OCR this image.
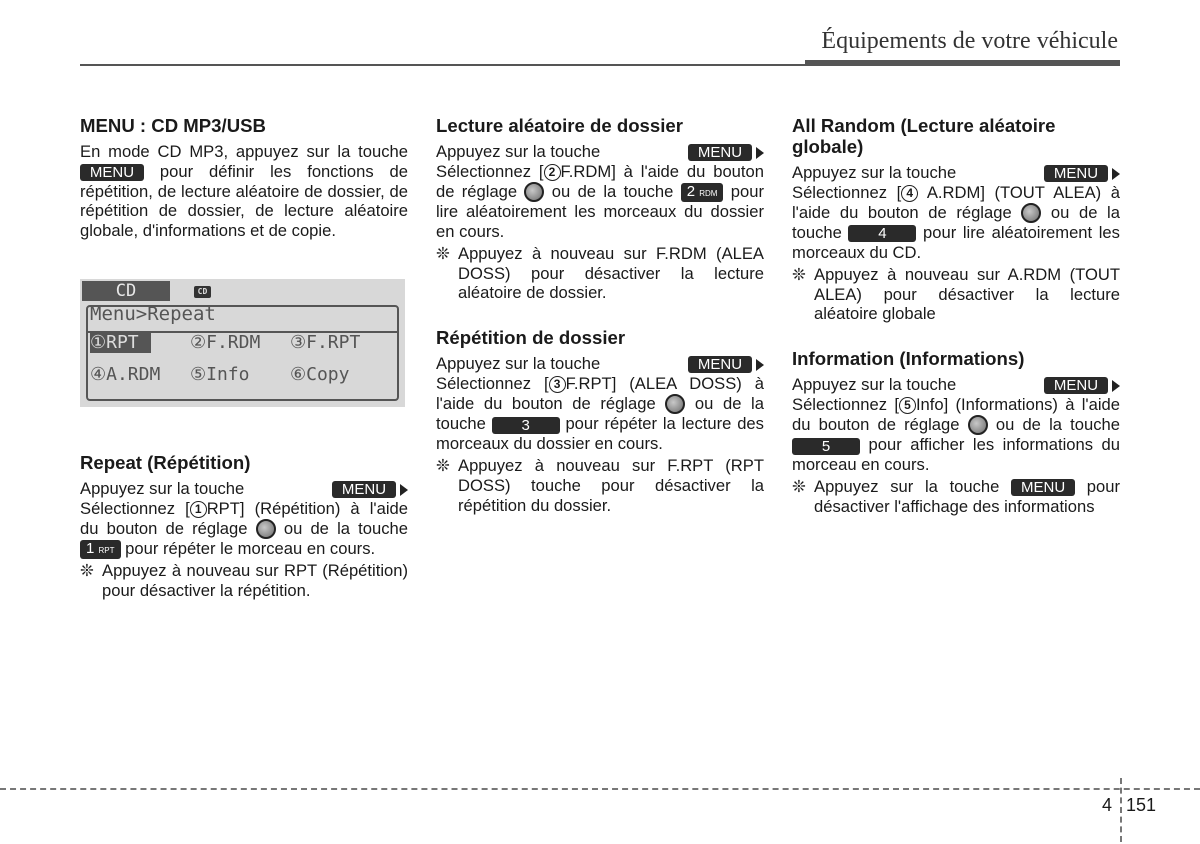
Équipements de votre véhicule
MENU : CD MP3/USB

En mode CD MP3, appuyez sur la touche MENU pour définir les fonctions de répétition, de lecture aléatoire de dossier, de répétition de dossier, de lecture aléatoire globale, d'informations et de copie.

CD	CD
Menu>Repeat
①RPT	②F.RDM ③F.RPT
④A.RDM ⑤Info ⑥Copy
Repeat (Répétition)
Appuyez sur la touche	MENU

Sélectionnez [ 1 RPT] (Répétition) à l'aide du bouton de réglage ou de la touche 1 RPT pour répéter le morceau en cours.

❊ Appuyez à nouveau sur RPT (Répétition) pour désactiver la répétition.
Lecture aléatoire de dossier
Appuyez sur la touche	MENU

Sélectionnez [ 2 F.RDM] à l'aide du bouton de réglage ou de la touche 2 RDM pour lire aléatoirement les morceaux du dossier en cours.

❊ Appuyez à nouveau sur F.RDM (ALEA DOSS) pour désactiver la lecture aléatoire de dossier.
Répétition de dossier
Appuyez sur la touche	MENU

Sélectionnez [ 3 F.RPT] (ALEA DOSS) à l'aide du bouton de réglage ou de la touche 3 pour répéter la lecture des morceaux du dossier en cours.

❊ Appuyez à nouveau sur F.RPT (RPT DOSS) touche pour désactiver la répétition du dossier.
All Random (Lecture aléatoire globale)
Appuyez sur la touche	MENU

Sélectionnez [ 4 A.RDM] (TOUT ALEA) à l'aide du bouton de réglage ou de la touche 4 pour lire aléatoirement les morceaux du CD.

❊ Appuyez à nouveau sur A.RDM (TOUT ALEA) pour désactiver la lecture aléatoire globale
Information (Informations)
Appuyez sur la touche	MENU

Sélectionnez [ 5 Info] (Informations) à l'aide du bouton de réglage ou de la touche 5 pour afficher les informations du morceau en cours.

❊ Appuyez sur la touche MENU pour désactiver l'affichage des informations
4 151
